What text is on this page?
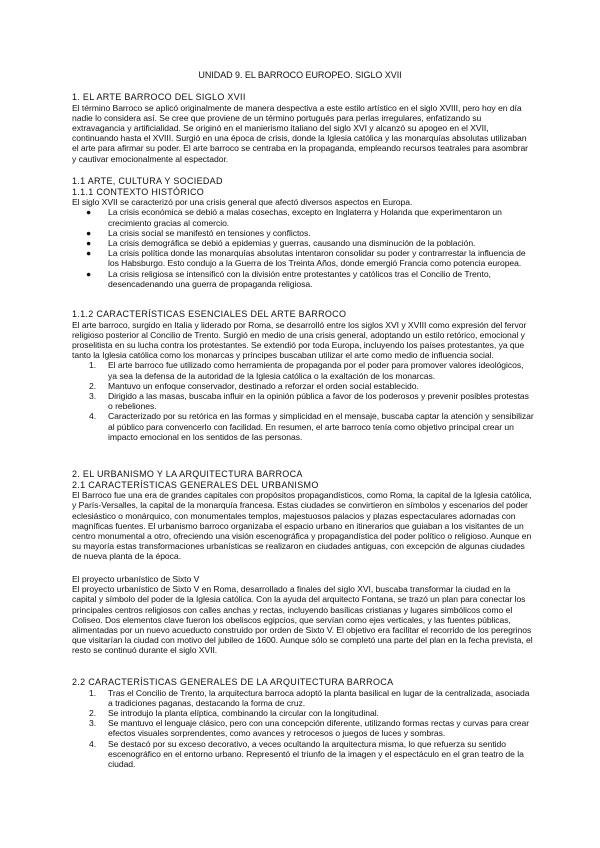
UNIDAD 9. EL BARROCO EUROPEO. SIGLO XVII

1. EL ARTE BARROCO DEL SIGLO XVII

El término Barroco se aplicó originalmente de manera despectiva a este estilo artístico en el siglo XVIII, pero hoy en día nadie lo considera así. Se cree que proviene de un término portugués para perlas irregulares, enfatizando su extravagancia y artificialidad. Se originó en el manierismo italiano del siglo XVI y alcanzó su apogeo en el XVII, continuando hasta el XVIII. Surgió en una época de crisis, donde la Iglesia católica y las monarquías absolutas utilizaban el arte para afirmar su poder. El arte barroco se centraba en la propaganda, empleando recursos teatrales para asombrar y cautivar emocionalmente al espectador.

1.1 ARTE, CULTURA Y SOCIEDAD

1.1.1 CONTEXTO HISTÓRICO

El siglo XVII se caracterizó por una crisis general que afectó diversos aspectos en Europa.

● La crisis económica se debió a malas cosechas, excepto en Inglaterra y Holanda que experimentaron un crecimiento gracias al comercio.
● La crisis social se manifestó en tensiones y conflictos.
● La crisis demográfica se debió a epidemias y guerras, causando una disminución de la población.
● La crisis política donde las monarquías absolutas intentaron consolidar su poder y contrarrestar la influencia de los Habsburgo. Esto condujo a la Guerra de los Treinta Años, donde emergió Francia como potencia europea.
● La crisis religiosa se intensificó con la división entre protestantes y católicos tras el Concilio de Trento, desencadenando una guerra de propaganda religiosa.

1.1.2 CARACTERÍSTICAS ESENCIALES DEL ARTE BARROCO

El arte barroco, surgido en Italia y liderado por Roma, se desarrolló entre los siglos XVI y XVIII como expresión del fervor religioso posterior al Concilio de Trento. Surgió en medio de una crisis general, adoptando un estilo retórico, emocional y proselitista en su lucha contra los protestantes. Se extendió por toda Europa, incluyendo los países protestantes, ya que tanto la Iglesia católica como los monarcas y príncipes buscaban utilizar el arte como medio de influencia social.

1. El arte barroco fue utilizado como herramienta de propaganda por el poder para promover valores ideológicos, ya sea la defensa de la autoridad de la Iglesia católica o la exaltación de los monarcas.
2. Mantuvo un enfoque conservador, destinado a reforzar el orden social establecido.
3. Dirigido a las masas, buscaba influir en la opinión pública a favor de los poderosos y prevenir posibles protestas o rebeliones.
4. Caracterizado por su retórica en las formas y simplicidad en el mensaje, buscaba captar la atención y sensibilizar al público para convencerlo con facilidad. En resumen, el arte barroco tenía como objetivo principal crear un impacto emocional en los sentidos de las personas.

2. EL URBANISMO Y LA ARQUITECTURA BARROCA

2.1 CARACTERÍSTICAS GENERALES DEL URBANISMO

El Barroco fue una era de grandes capitales con propósitos propagandísticos, como Roma, la capital de la Iglesia católica, y París-Versalles, la capital de la monarquía francesa. Estas ciudades se convirtieron en símbolos y escenarios del poder eclesiástico o monárquico, con monumentales templos, majestuosos palacios y plazas espectaculares adornadas con magníficas fuentes. El urbanismo barroco organizaba el espacio urbano en itinerarios que guiaban a los visitantes de un centro monumental a otro, ofreciendo una visión escenográfica y propagandística del poder político o religioso. Aunque en su mayoría estas transformaciones urbanísticas se realizaron en ciudades antiguas, con excepción de algunas ciudades de nueva planta de la época.

El proyecto urbanístico de Sixto V

El proyecto urbanístico de Sixto V en Roma, desarrollado a finales del siglo XVI, buscaba transformar la ciudad en la capital y símbolo del poder de la Iglesia católica. Con la ayuda del arquitecto Fontana, se trazó un plan para conectar los principales centros religiosos con calles anchas y rectas, incluyendo basílicas cristianas y lugares simbólicos como el Coliseo. Dos elementos clave fueron los obeliscos egipcios, que servían como ejes verticales, y las fuentes públicas, alimentadas por un nuevo acueducto construido por orden de Sixto V. El objetivo era facilitar el recorrido de los peregrinos que visitarían la ciudad con motivo del jubileo de 1600. Aunque sólo se completó una parte del plan en la fecha prevista, el resto se continuó durante el siglo XVII.

2.2 CARACTERÍSTICAS GENERALES DE LA ARQUITECTURA BARROCA

1. Tras el Concilio de Trento, la arquitectura barroca adoptó la planta basilical en lugar de la centralizada, asociada a tradiciones paganas, destacando la forma de cruz.
2. Se introdujo la planta elíptica, combinando la circular con la longitudinal.
3. Se mantuvo el lenguaje clásico, pero con una concepción diferente, utilizando formas rectas y curvas para crear efectos visuales sorprendentes, como avances y retrocesos o juegos de luces y sombras.
4. Se destacó por su exceso decorativo, a veces ocultando la arquitectura misma, lo que refuerza su sentido escenográfico en el entorno urbano. Representó el triunfo de la imagen y el espectáculo en el gran teatro de la ciudad.
